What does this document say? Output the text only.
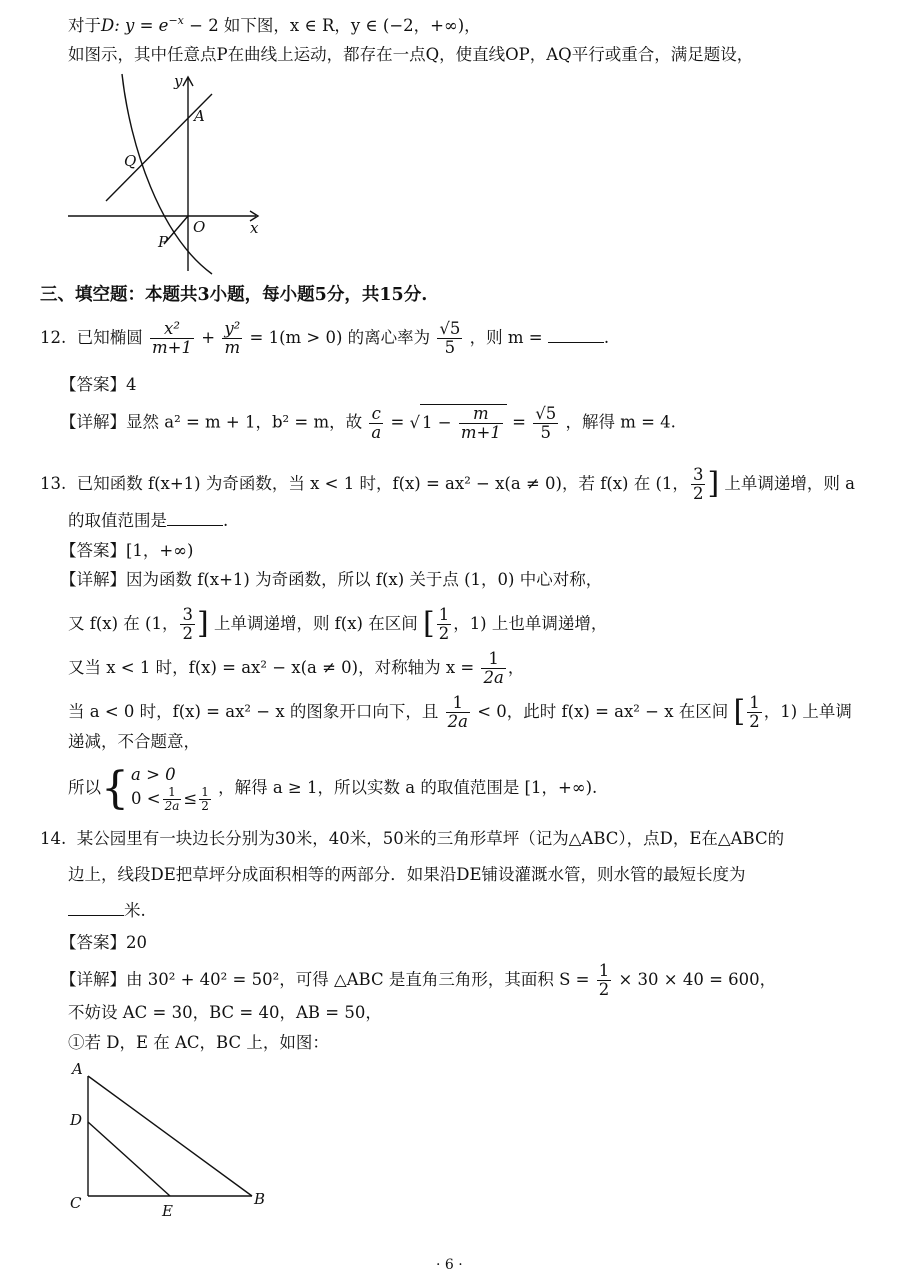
对于D: $y = e^{-x} - 2$ 如下图，x ∈ R，y ∈ (−2，+∞)，
如图示，其中任意点P在曲线上运动，都存在一点Q，使直线OP，AQ平行或重合，满足题设，
y
x
A
Q
O
P
三、填空题：本题共3小题，每小题5分，共15分.
12. 已知椭圆 $\frac{\text{x²}}{m+1} + \frac{\text{y²}}{m} = 1(m > 0)$ 的离心率为 $\frac{√5}{5}$ ，则 m =	.
【答案】4
【详解】显然 a² = m + 1，b² = m，故 $\frac{c}{a}$ = √ $1 - \frac{m}{m+1} = \frac{√5}{5}$ ，解得 m = 4.
13. 已知函数 f(x+1) 为奇函数，当 x < 1 时，f(x) = ax² − x(a ≠ 0)，若 f(x) 在 (1， $\frac{3}{2}$ ] 上单调递增，则 a
的取值范围是	.
【答案】[1，+∞)
【详解】因为函数 f(x+1) 为奇函数，所以 f(x) 关于点 (1，0) 中心对称，
又 f(x) 在 (1， $\frac{3}{2}$ ] 上单调递增，则 f(x) 在区间 [ $\frac{1}{2}$ ，1) 上也单调递增，
又当 x < 1 时，f(x) = ax² − x(a ≠ 0)，对称轴为 $x = \frac{1}{2a}$ ，
当 a < 0 时，f(x) = ax² − x 的图象开口向下，且 $\frac{1}{2a} < 0$，此时 f(x) = ax² − x 在区间 [ $\frac{1}{2}$ ，1) 上单调
递减，不合题意，
所以{ a > 0
$0 < \frac{1}{2a} \le \frac{1}{2}$ ，解得 a ≥ 1，所以实数 a 的取值范围是 [1，+∞).
14. 某公园里有一块边长分别为30米，40米，50米的三角形草坪（记为△ABC），点D，E在△ABC的
边上，线段DE把草坪分成面积相等的两部分．如果沿DE铺设灌溉水管，则水管的最短长度为
米.
【答案】20
【详解】由 30² + 40² = 50²，可得 △ABC 是直角三角形，其面积 $S = \frac{1}{2} \times 30 \times 40 = 600$，
不妨设 AC = 30，BC = 40，AB = 50，
①若 D，E 在 AC，BC 上，如图：
A
D
C	E
B
· 6 ·
